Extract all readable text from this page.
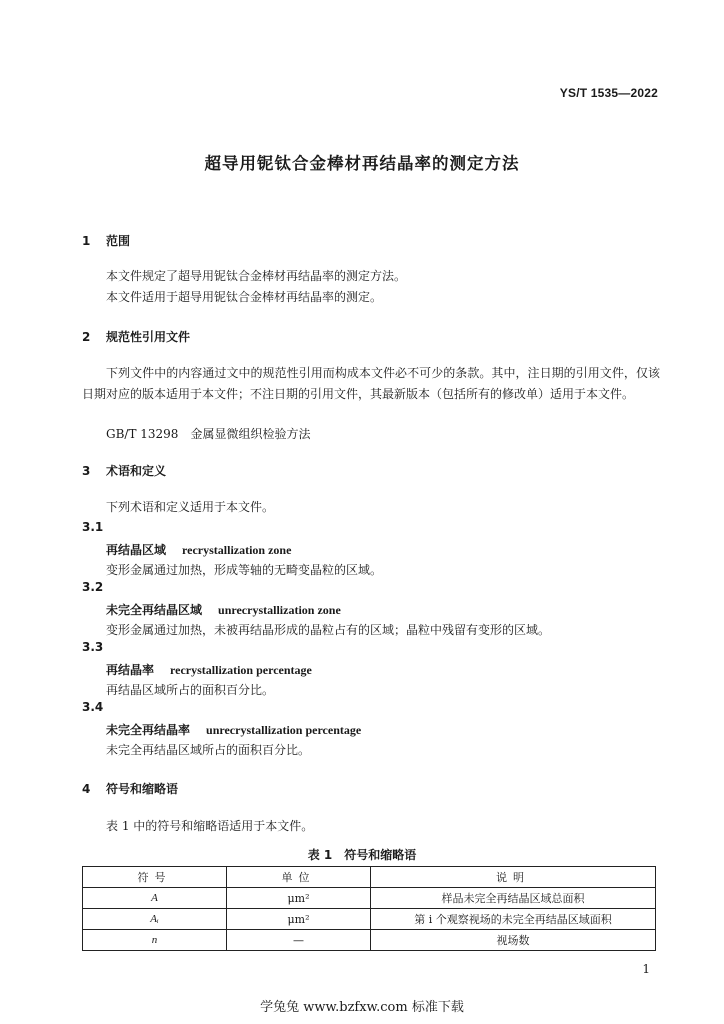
YS/T 1535—2022
超导用铌钛合金棒材再结晶率的测定方法
1 范围
本文件规定了超导用铌钛合金棒材再结晶率的测定方法。
本文件适用于超导用铌钛合金棒材再结晶率的测定。
2 规范性引用文件
下列文件中的内容通过文中的规范性引用而构成本文件必不可少的条款。其中，注日期的引用文件，仅该日期对应的版本适用于本文件；不注日期的引用文件，其最新版本（包括所有的修改单）适用于本文件。
GB/T 13298　金属显微组织检验方法
3 术语和定义
下列术语和定义适用于本文件。
3.1
再结晶区域 recrystallization zone
变形金属通过加热，形成等轴的无畸变晶粒的区域。
3.2
未完全再结晶区域 unrecrystallization zone
变形金属通过加热，未被再结晶形成的晶粒占有的区域；晶粒中残留有变形的区域。
3.3
再结晶率 recrystallization percentage
再结晶区域所占的面积百分比。
3.4
未完全再结晶率 unrecrystallization percentage
未完全再结晶区域所占的面积百分比。
4 符号和缩略语
表 1 中的符号和缩略语适用于本文件。
表 1　符号和缩略语
符号	单位	说明
A	μm²	样品未完全再结晶区域总面积
Aᵢ	μm²	第 i 个观察视场的未完全再结晶区域面积
n	—	视场数
1
学兔兔 www.bzfxw.com 标准下载
